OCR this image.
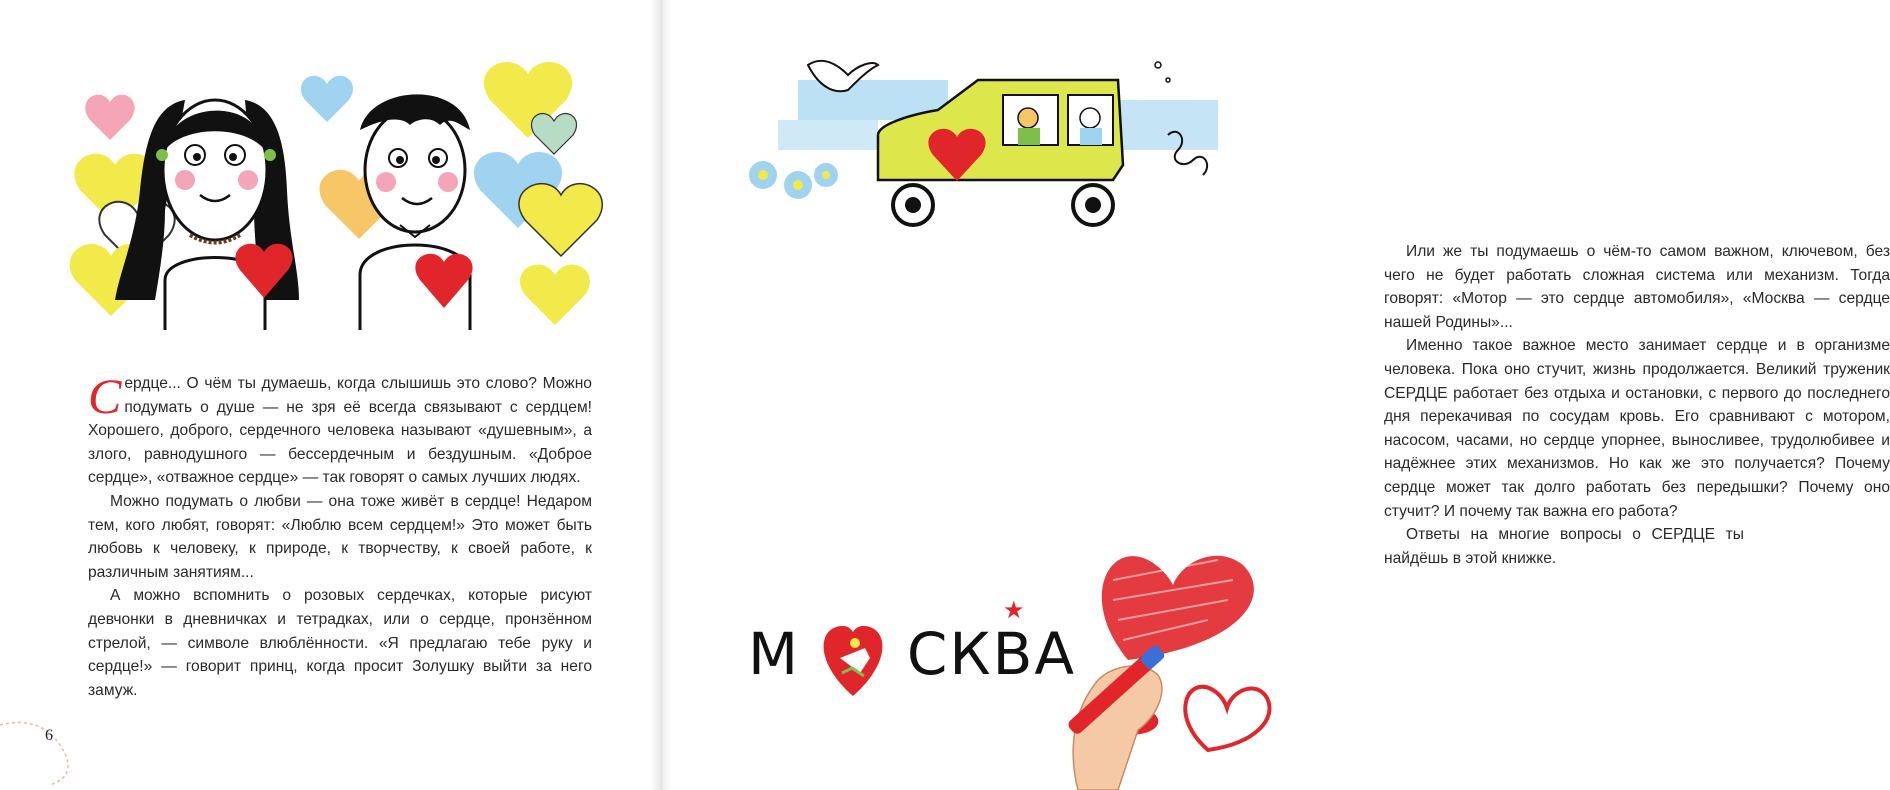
Сердце... О чём ты думаешь, когда слышишь это слово? Можно подумать о душе — не зря её всегда связывают с сердцем! Хорошего, доброго, сердечного человека называют «душевным», а злого, равнодушного — бессердечным и бездушным. «Доброе сердце», «отважное сердце» — так говорят о самых лучших людях.

Можно подумать о любви — она тоже живёт в сердце! Недаром тем, кого любят, говорят: «Люблю всем сердцем!» Это может быть любовь к человеку, к природе, к творчеству, к своей работе, к различным занятиям...

А можно вспомнить о розовых сердечках, которые рисуют девчонки в дневничках и тетрадках, или о сердце, пронзённом стрелой, — символе влюблённости. «Я предлагаю тебе руку и сердце!» — говорит принц, когда просит Золушку выйти за него замуж.

6

Или же ты подумаешь о чём-то самом важном, ключевом, без чего не будет работать сложная система или механизм. Тогда говорят: «Мотор — это сердце автомобиля», «Москва — сердце нашей Родины»...

Именно такое важное место занимает сердце и в организме человека. Пока оно стучит, жизнь продолжается. Великий труженик СЕРДЦЕ работает без отдыха и остановки, с первого до последнего дня перекачивая по сосудам кровь. Его сравнивают с мотором, насосом, часами, но сердце упорнее, выносливее, трудолюбивее и надёжнее этих механизмов. Но как же это получается? Почему сердце может так долго работать без передышки? Почему оно стучит? И почему так важна его работа?

Ответы на многие вопросы о СЕРДЦЕ ты найдёшь в этой книжке.

М СКВА
★
